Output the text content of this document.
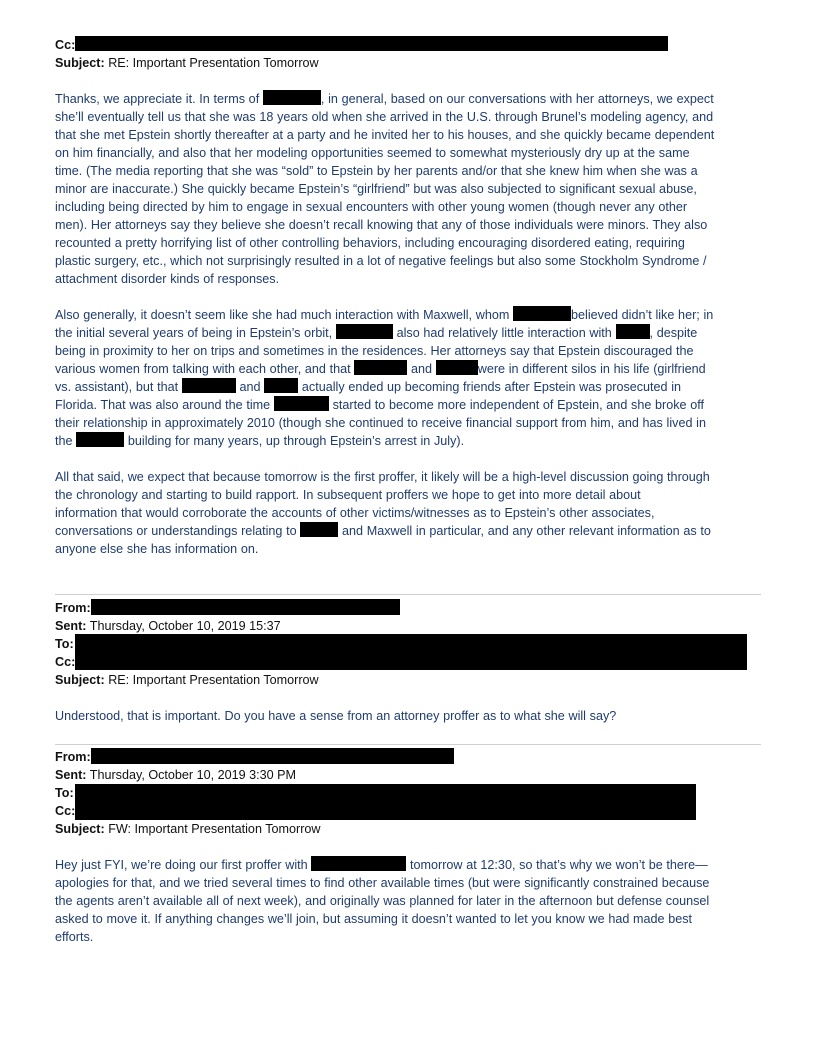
Cc:
Subject: RE: Important Presentation Tomorrow
Thanks, we appreciate it. In terms of	, in general, based on our conversations with her attorneys, we expect
she’ll eventually tell us that she was 18 years old when she arrived in the U.S. through Brunel’s modeling agency, and
that she met Epstein shortly thereafter at a party and he invited her to his houses, and she quickly became dependent
on him financially, and also that her modeling opportunities seemed to somewhat mysteriously dry up at the same
time. (The media reporting that she was “sold” to Epstein by her parents and/or that she knew him when she was a
minor are inaccurate.) She quickly became Epstein’s “girlfriend” but was also subjected to significant sexual abuse,
including being directed by him to engage in sexual encounters with other young women (though never any other
men). Her attorneys say they believe she doesn’t recall knowing that any of those individuals were minors. They also
recounted a pretty horrifying list of other controlling behaviors, including encouraging disordered eating, requiring
plastic surgery, etc., which not surprisingly resulted in a lot of negative feelings but also some Stockholm Syndrome /
attachment disorder kinds of responses.
Also generally, it doesn’t seem like she had much interaction with Maxwell, whom	believed didn’t like her; in
the initial several years of being in Epstein’s orbit,	also had relatively little interaction with	, despite
being in proximity to her on trips and sometimes in the residences. Her attorneys say that Epstein discouraged the
various women from talking with each other, and that	and	were in different silos in his life (girlfriend
vs. assistant), but that	and	actually ended up becoming friends after Epstein was prosecuted in
Florida. That was also around the time	started to become more independent of Epstein, and she broke off
their relationship in approximately 2010 (though she continued to receive financial support from him, and has lived in
the	building for many years, up through Epstein’s arrest in July).
All that said, we expect that because tomorrow is the first proffer, it likely will be a high-level discussion going through
the chronology and starting to build rapport. In subsequent proffers we hope to get into more detail about
information that would corroborate the accounts of other victims/witnesses as to Epstein’s other associates,
conversations or understandings relating to	and Maxwell in particular, and any other relevant information as to
anyone else she has information on.
From:
Sent: Thursday, October 10, 2019 15:37
To:
Cc:
Subject: RE: Important Presentation Tomorrow
Understood, that is important. Do you have a sense from an attorney proffer as to what she will say?
From:
Sent: Thursday, October 10, 2019 3:30 PM
To:
Cc:
Subject: FW: Important Presentation Tomorrow
Hey just FYI, we’re doing our first proffer with	tomorrow at 12:30, so that’s why we won’t be there—
apologies for that, and we tried several times to find other available times (but were significantly constrained because
the agents aren’t available all of next week), and originally was planned for later in the afternoon but defense counsel
asked to move it. If anything changes we’ll join, but assuming it doesn’t wanted to let you know we had made best
efforts.
